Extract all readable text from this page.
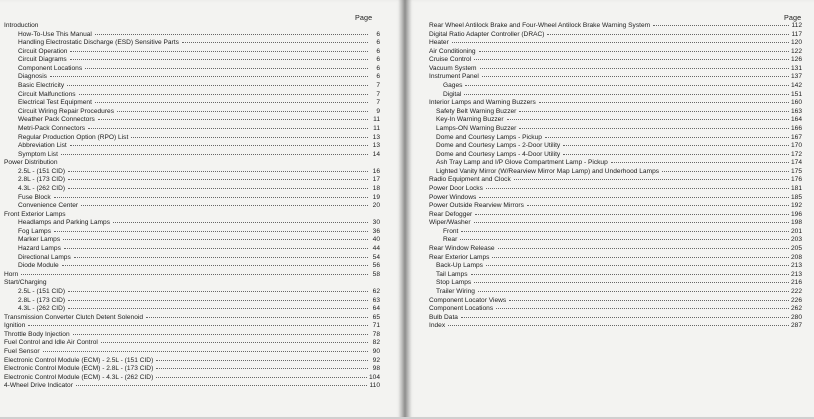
Page
Introduction
How-To-Use This Manual	6
Handling Electrostatic Discharge (ESD) Sensitive Parts	6
Circuit Operation	6
Circuit Diagrams	6
Component Locations	6
Diagnosis	6
Basic Electricity	7
Circuit Malfunctions	7
Electrical Test Equipment	7
Circuit Wiring Repair Procedures	9
Weather Pack Connectors	11
Metri-Pack Connectors	11
Regular Production Option (RPO) List	13
Abbreviation List	13
Symptom List	14
Power Distribution
2.5L - (151 CID)	16
2.8L - (173 CID)	17
4.3L - (262 CID)	18
Fuse Block	19
Convenience Center	20
Front Exterior Lamps
Headlamps and Parking Lamps	30
Fog Lamps	36
Marker Lamps	40
Hazard Lamps	44
Directional Lamps	54
Diode Module	56
Horn	58
Start/Charging
2.5L - (151 CID)	62
2.8L - (173 CID)	63
4.3L - (262 CID)	64
Transmission Converter Clutch Detent Solenoid	65
Ignition	71
Throttle Body Injection	78
Fuel Control and Idle Air Control	82
Fuel Sensor	90
Electronic Control Module (ECM) - 2.5L - (151 CID)	92
Electronic Control Module (ECM) - 2.8L - (173 CID)	98
Electronic Control Module (ECM) - 4.3L - (262 CID)	104
4-Wheel Drive Indicator	110
Page
Rear Wheel Antilock Brake and Four-Wheel Antilock Brake Warning System	112
Digital Ratio Adapter Controller (DRAC)	117
Heater	120
Air Conditioning	122
Cruise Control	126
Vacuum System	131
Instrument Panel	137
Gages	142
Digital	151
Interior Lamps and Warning Buzzers	160
Safety Belt Warning Buzzer	163
Key-In Warning Buzzer	164
Lamps-ON Warning Buzzer	166
Dome and Courtesy Lamps - Pickup	167
Dome and Courtesy Lamps - 2-Door Utility	170
Dome and Courtesy Lamps - 4-Door Utility	172
Ash Tray Lamp and I/P Glove Compartment Lamp - Pickup	174
Lighted Vanity Mirror (W/Rearview Mirror Map Lamp) and Underhood Lamps	175
Radio Equipment and Clock	176
Power Door Locks	181
Power Windows	185
Power Outside Rearview Mirrors	192
Rear Defogger	196
Wiper/Washer	198
Front	201
Rear	203
Rear Window Release	205
Rear Exterior Lamps	208
Back-Up Lamps	213
Tail Lamps	213
Stop Lamps	216
Trailer Wiring	222
Component Locator Views	226
Component Locations	262
Bulb Data	280
Index	287
